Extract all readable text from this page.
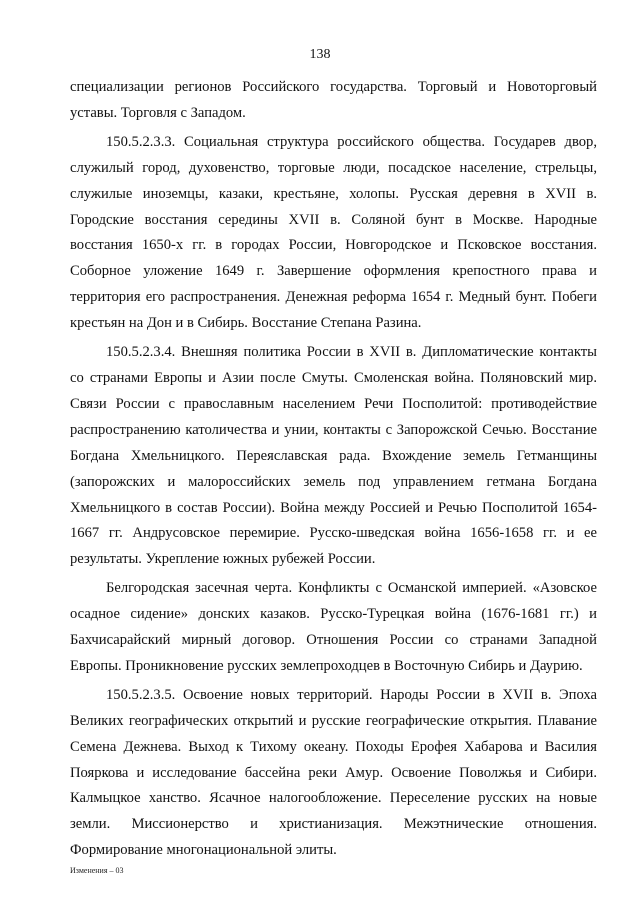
138

специализации регионов Российского государства. Торговый и Новоторговый уставы. Торговля с Западом.

150.5.2.3.3. Социальная структура российского общества. Государев двор, служилый город, духовенство, торговые люди, посадское население, стрельцы, служилые иноземцы, казаки, крестьяне, холопы. Русская деревня в XVII в. Городские восстания середины XVII в. Соляной бунт в Москве. Народные восстания 1650-х гг. в городах России, Новгородское и Псковское восстания. Соборное уложение 1649 г. Завершение оформления крепостного права и территория его распространения. Денежная реформа 1654 г. Медный бунт. Побеги крестьян на Дон и в Сибирь. Восстание Степана Разина.

150.5.2.3.4. Внешняя политика России в XVII в. Дипломатические контакты со странами Европы и Азии после Смуты. Смоленская война. Поляновский мир. Связи России с православным населением Речи Посполитой: противодействие распространению католичества и унии, контакты с Запорожской Сечью. Восстание Богдана Хмельницкого. Переяславская рада. Вхождение земель Гетманщины (запорожских и малороссийских земель под управлением гетмана Богдана Хмельницкого в состав России). Война между Россией и Речью Посполитой 1654-1667 гг. Андрусовское перемирие. Русско-шведская война 1656-1658 гг. и ее результаты. Укрепление южных рубежей России.

Белгородская засечная черта. Конфликты с Османской империей. «Азовское осадное сидение» донских казаков. Русско-Турецкая война (1676-1681 гг.) и Бахчисарайский мирный договор. Отношения России со странами Западной Европы. Проникновение русских землепроходцев в Восточную Сибирь и Даурию.

150.5.2.3.5. Освоение новых территорий. Народы России в XVII в. Эпоха Великих географических открытий и русские географические открытия. Плавание Семена Дежнева. Выход к Тихому океану. Походы Ерофея Хабарова и Василия Пояркова и исследование бассейна реки Амур. Освоение Поволжья и Сибири. Калмыцкое ханство. Ясачное налогообложение. Переселение русских на новые земли. Миссионерство и христианизация. Межэтнические отношения. Формирование многонациональной элиты.

Изменения – 03
